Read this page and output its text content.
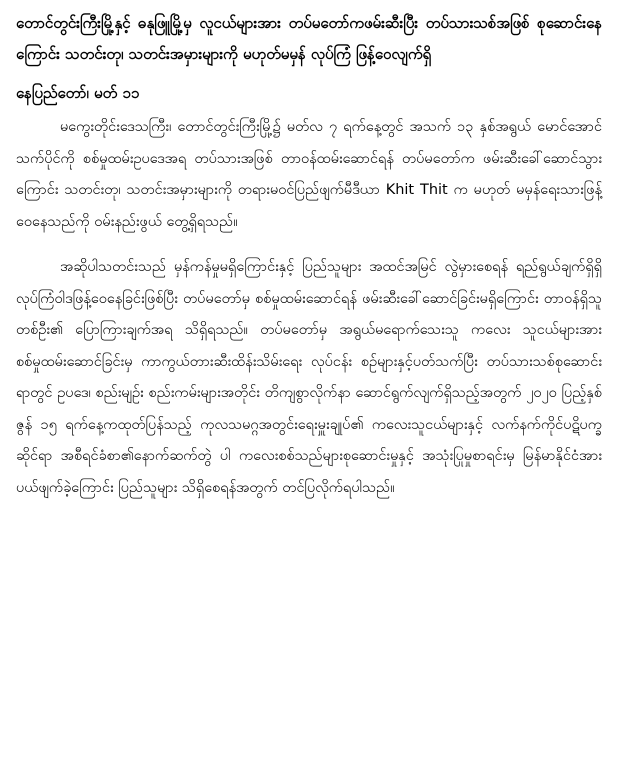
တောင်တွင်းကြီးမြို့နှင့် ဓနုဖြူမြို့မှ လူငယ်များအား တပ်မတော်ကဖမ်းဆီးပြီး တပ်သားသစ်အဖြစ် စုဆောင်းနေကြောင်း သတင်းတု၊ သတင်းအမှားများကို မဟုတ်မမှန် လုပ်ကြံ ဖြန့်ဝေလျက်ရှိ
နေပြည်တော်၊ မတ် ၁၁

မကွေးတိုင်းဒေသကြီး၊ တောင်တွင်းကြီးမြို့၌ မတ်လ ၇ ရက်နေ့တွင် အသက် ၁၃ နှစ်အရွယ် မောင်အောင်သက်ပိုင်ကို စစ်မှုထမ်းဥပဒေအရ တပ်သားအဖြစ် တာဝန်ထမ်းဆောင်ရန် တပ်မတော်က ဖမ်းဆီးခေါ်ဆောင်သွားကြောင်း သတင်းတု၊ သတင်းအမှားများကို တရားမဝင်ပြည်ဖျက်မီဒီယာ Khit Thit က မဟုတ် မမှန်ရေးသားဖြန့်ဝေနေသည်ကို ဝမ်းနည်းဖွယ် တွေ့ရှိရသည်။

အဆိုပါသတင်းသည် မှန်ကန်မှုမရှိကြောင်းနှင့် ပြည်သူများ အထင်အမြင် လွဲမှားစေရန် ရည်ရွယ်ချက်ရှိရှိ လုပ်ကြံဝါဒဖြန့်ဝေနေခြင်းဖြစ်ပြီး တပ်မတော်မှ စစ်မှုထမ်းဆောင်ရန် ဖမ်းဆီးခေါ်ဆောင်ခြင်းမရှိကြောင်း တာဝန်ရှိသူ တစ်ဦး၏ ပြောကြားချက်အရ သိရှိရသည်။ တပ်မတော်မှ အရွယ်မရောက်သေးသူ ကလေး သူငယ်များအား စစ်မှုထမ်းဆောင်ခြင်းမှ ကာကွယ်တားဆီးထိန်းသိမ်းရေး လုပ်ငန်း စဉ်များနှင့်ပတ်သက်ပြီး တပ်သားသစ်စုဆောင်းရာတွင် ဥပဒေ၊ စည်းမျဉ်း စည်းကမ်းများအတိုင်း တိကျစွာလိုက်နာ ဆောင်ရွက်လျက်ရှိသည့်အတွက် ၂၀၂၀ ပြည့်နှစ် ဇွန် ၁၅ ရက်နေ့ကထုတ်ပြန်သည့် ကုလသမဂ္ဂအတွင်းရေးမှူးချုပ်၏ ကလေးသူငယ်များနှင့် လက်နက်ကိုင်ပဋိပက္ခဆိုင်ရာ အစီရင်ခံစာ၏နောက်ဆက်တွဲ ပါ ကလေးစစ်သည်များစုဆောင်းမှုနှင့် အသုံးပြုမှုစာရင်းမှ မြန်မာနိုင်ငံအား ပယ်ဖျက်ခဲ့ကြောင်း ပြည်သူများ သိရှိစေရန်အတွက် တင်ပြလိုက်ရပါသည်။
